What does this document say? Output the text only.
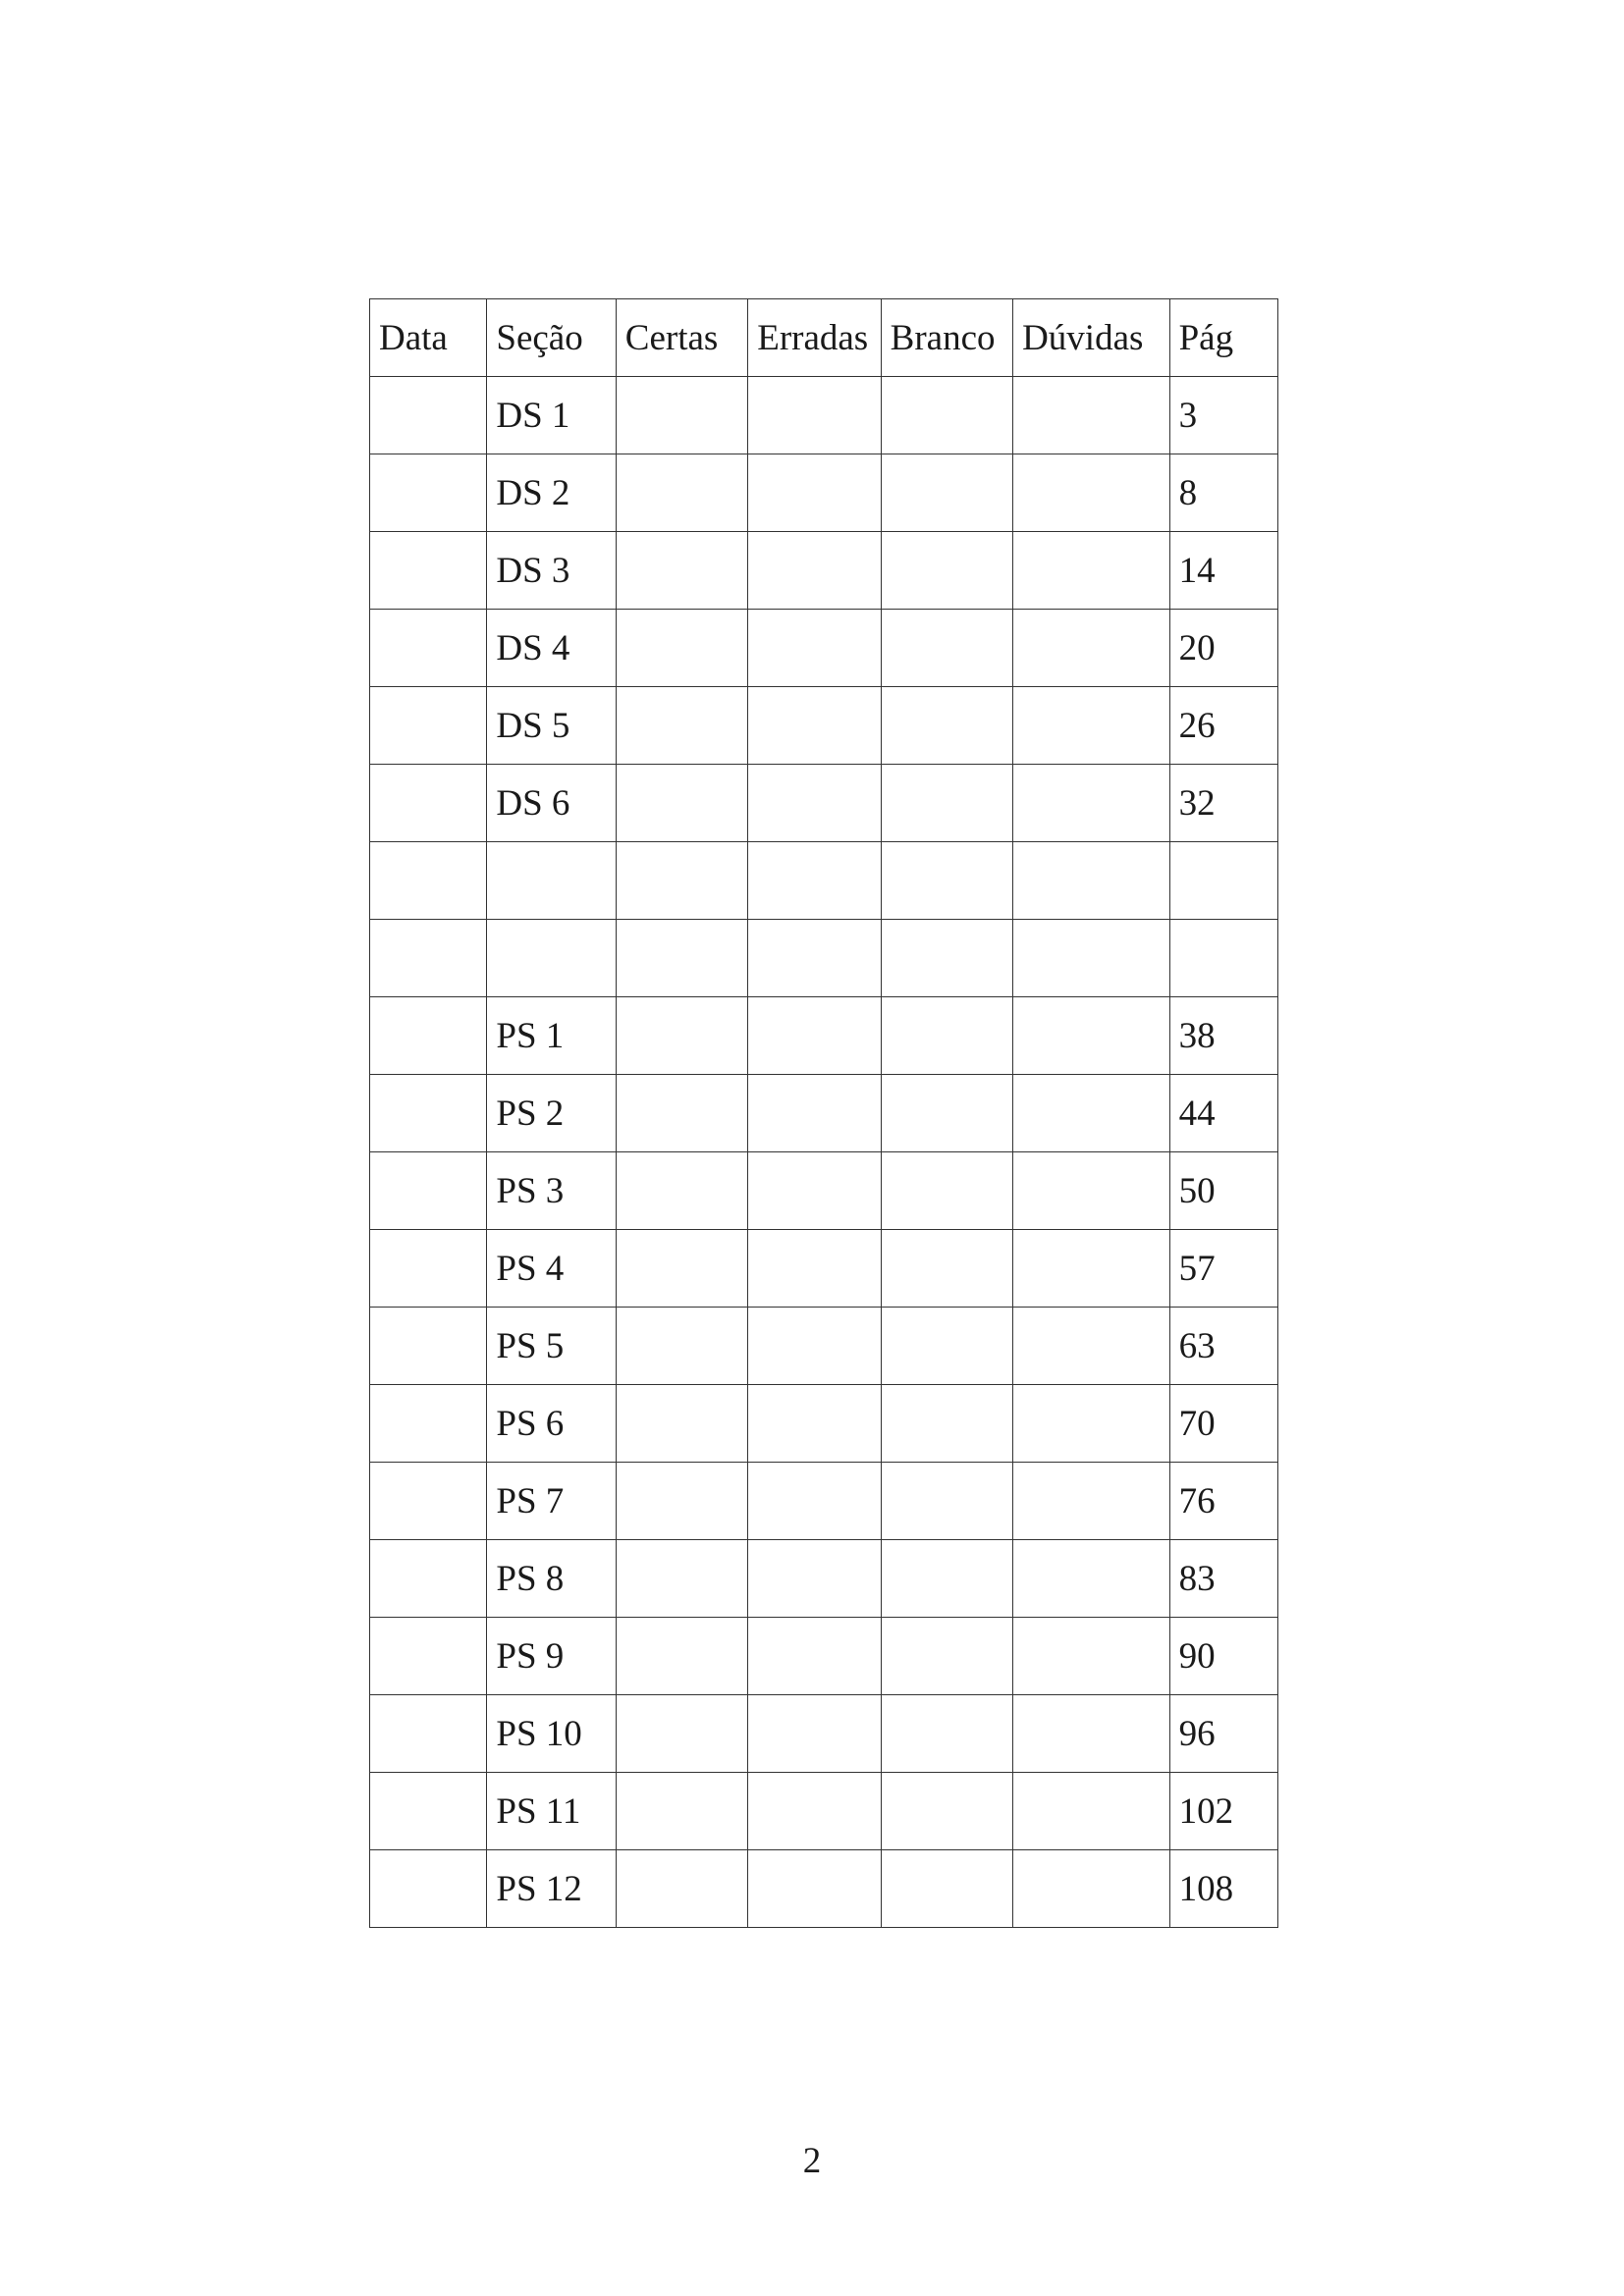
Data	Seção	Certas	Erradas	Branco	Dúvidas	Pág
	DS 1					3
	DS 2					8
	DS 3					14
	DS 4					20
	DS 5					26
	DS 6					32

	PS 1					38
	PS 2					44
	PS 3					50
	PS 4					57
	PS 5					63
	PS 6					70
	PS 7					76
	PS 8					83
	PS 9					90
	PS 10					96
	PS 11					102
	PS 12					108
2
